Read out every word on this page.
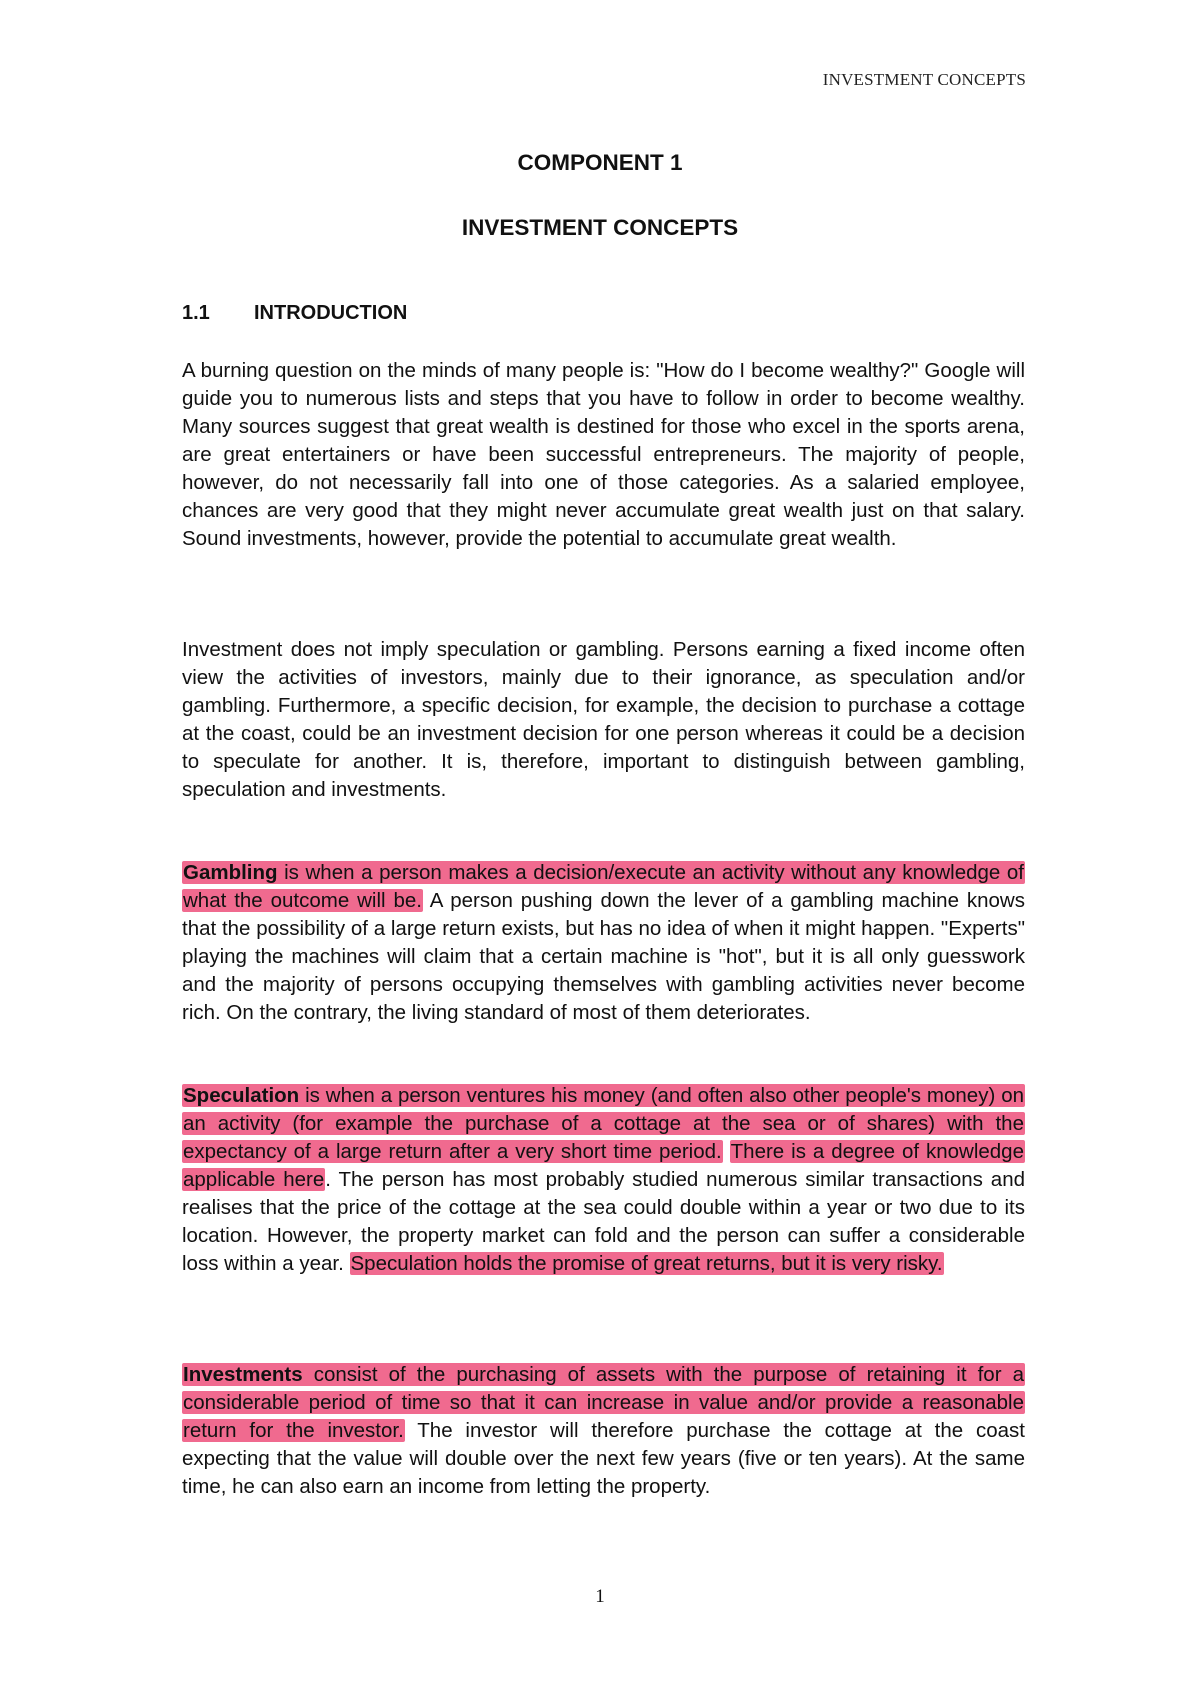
INVESTMENT CONCEPTS
COMPONENT 1
INVESTMENT CONCEPTS
1.1 INTRODUCTION

A burning question on the minds of many people is: "How do I become wealthy?" Google will guide you to numerous lists and steps that you have to follow in order to become wealthy. Many sources suggest that great wealth is destined for those who excel in the sports arena, are great entertainers or have been successful entrepreneurs. The majority of people, however, do not necessarily fall into one of those categories. As a salaried employee, chances are very good that they might never accumulate great wealth just on that salary. Sound investments, however, provide the potential to accumulate great wealth.

Investment does not imply speculation or gambling. Persons earning a fixed income often view the activities of investors, mainly due to their ignorance, as speculation and/or gambling. Furthermore, a specific decision, for example, the decision to purchase a cottage at the coast, could be an investment decision for one person whereas it could be a decision to speculate for another. It is, therefore, important to distinguish between gambling, speculation and investments.

Gambling is when a person makes a decision/execute an activity without any knowledge of what the outcome will be. A person pushing down the lever of a gambling machine knows that the possibility of a large return exists, but has no idea of when it might happen. "Experts" playing the machines will claim that a certain machine is "hot", but it is all only guesswork and the majority of persons occupying themselves with gambling activities never become rich. On the contrary, the living standard of most of them deteriorates.

Speculation is when a person ventures his money (and often also other people's money) on an activity (for example the purchase of a cottage at the sea or of shares) with the expectancy of a large return after a very short time period. There is a degree of knowledge applicable here. The person has most probably studied numerous similar transactions and realises that the price of the cottage at the sea could double within a year or two due to its location. However, the property market can fold and the person can suffer a considerable loss within a year. Speculation holds the promise of great returns, but it is very risky.

Investments consist of the purchasing of assets with the purpose of retaining it for a considerable period of time so that it can increase in value and/or provide a reasonable return for the investor. The investor will therefore purchase the cottage at the coast expecting that the value will double over the next few years (five or ten years). At the same time, he can also earn an income from letting the property.

1
